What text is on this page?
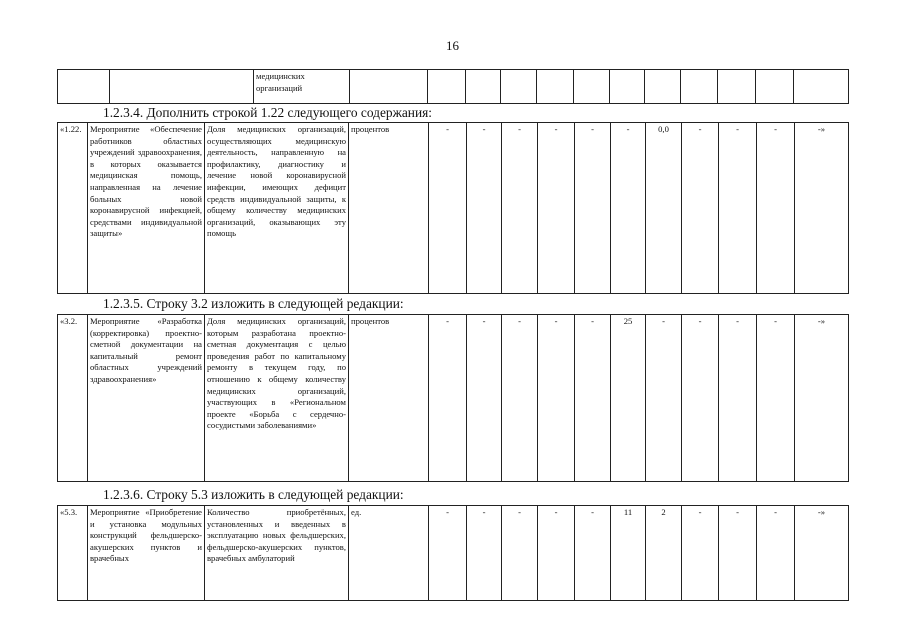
16
		медицинских организаций												
1.2.3.4. Дополнить строкой 1.22 следующего содержания:
«1.22.	Мероприятие «Обеспечение работников областных учреждений здравоохранения, в которых оказывается медицинская помощь, направленная на лечение больных новой коронавирусной инфекцией, средствами индивидуальной защиты»	Доля медицинских организаций, осуществляющих медицинскую деятельность, направленную на профилактику, диагностику и лечение новой коронавирусной инфекции, имеющих дефицит средств индивидуальной защиты, к общему количеству медицинских организаций, оказывающих эту помощь	процентов	-	-	-	-	-	-	0,0	-	-	-	-»
1.2.3.5. Строку 3.2 изложить в следующей редакции:
«3.2.	Мероприятие «Разработка (корректировка) проектно-сметной документации на капитальный ремонт областных учреждений здравоохранения»	Доля медицинских организаций, которым разработана проектно-сметная документация с целью проведения работ по капитальному ремонту в текущем году, по отношению к общему количеству медицинских организаций, участвующих в «Региональном проекте «Борьба с сердечно-сосудистыми заболеваниями»	процентов	-	-	-	-	-	25	-	-	-	-	-»
1.2.3.6. Строку 5.3 изложить в следующей редакции:
«5.3.	Мероприятие «Приобретение и установка модульных конструкций фельдшерско-акушерских пунктов и врачебных	Количество приобретённых, установленных и введенных в эксплуатацию новых фельдшерских, фельдшерско-акушерских пунктов, врачебных амбулаторий	ед.	-	-	-	-	-	11	2	-	-	-	-»
